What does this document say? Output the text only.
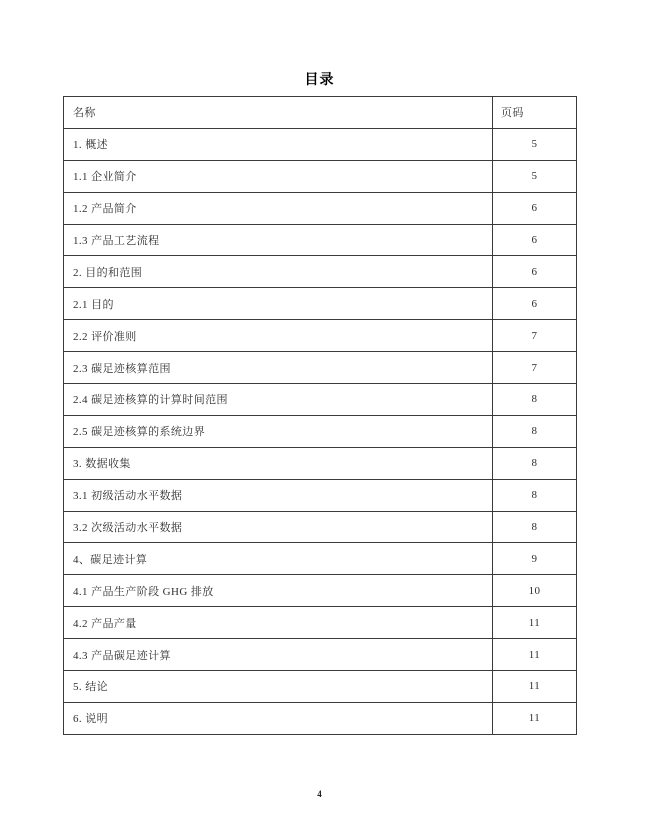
目录
名称	页码
1. 概述	5
1.1 企业简介	5
1.2 产品简介	6
1.3 产品工艺流程	6
2. 目的和范围	6
2.1 目的	6
2.2 评价准则	7
2.3 碳足迹核算范围	7
2.4 碳足迹核算的计算时间范围	8
2.5 碳足迹核算的系统边界	8
3. 数据收集	8
3.1 初级活动水平数据	8
3.2 次级活动水平数据	8
4、碳足迹计算	9
4.1 产品生产阶段 GHG 排放	10
4.2 产品产量	11
4.3 产品碳足迹计算	11
5. 结论	11
6. 说明	11
4
